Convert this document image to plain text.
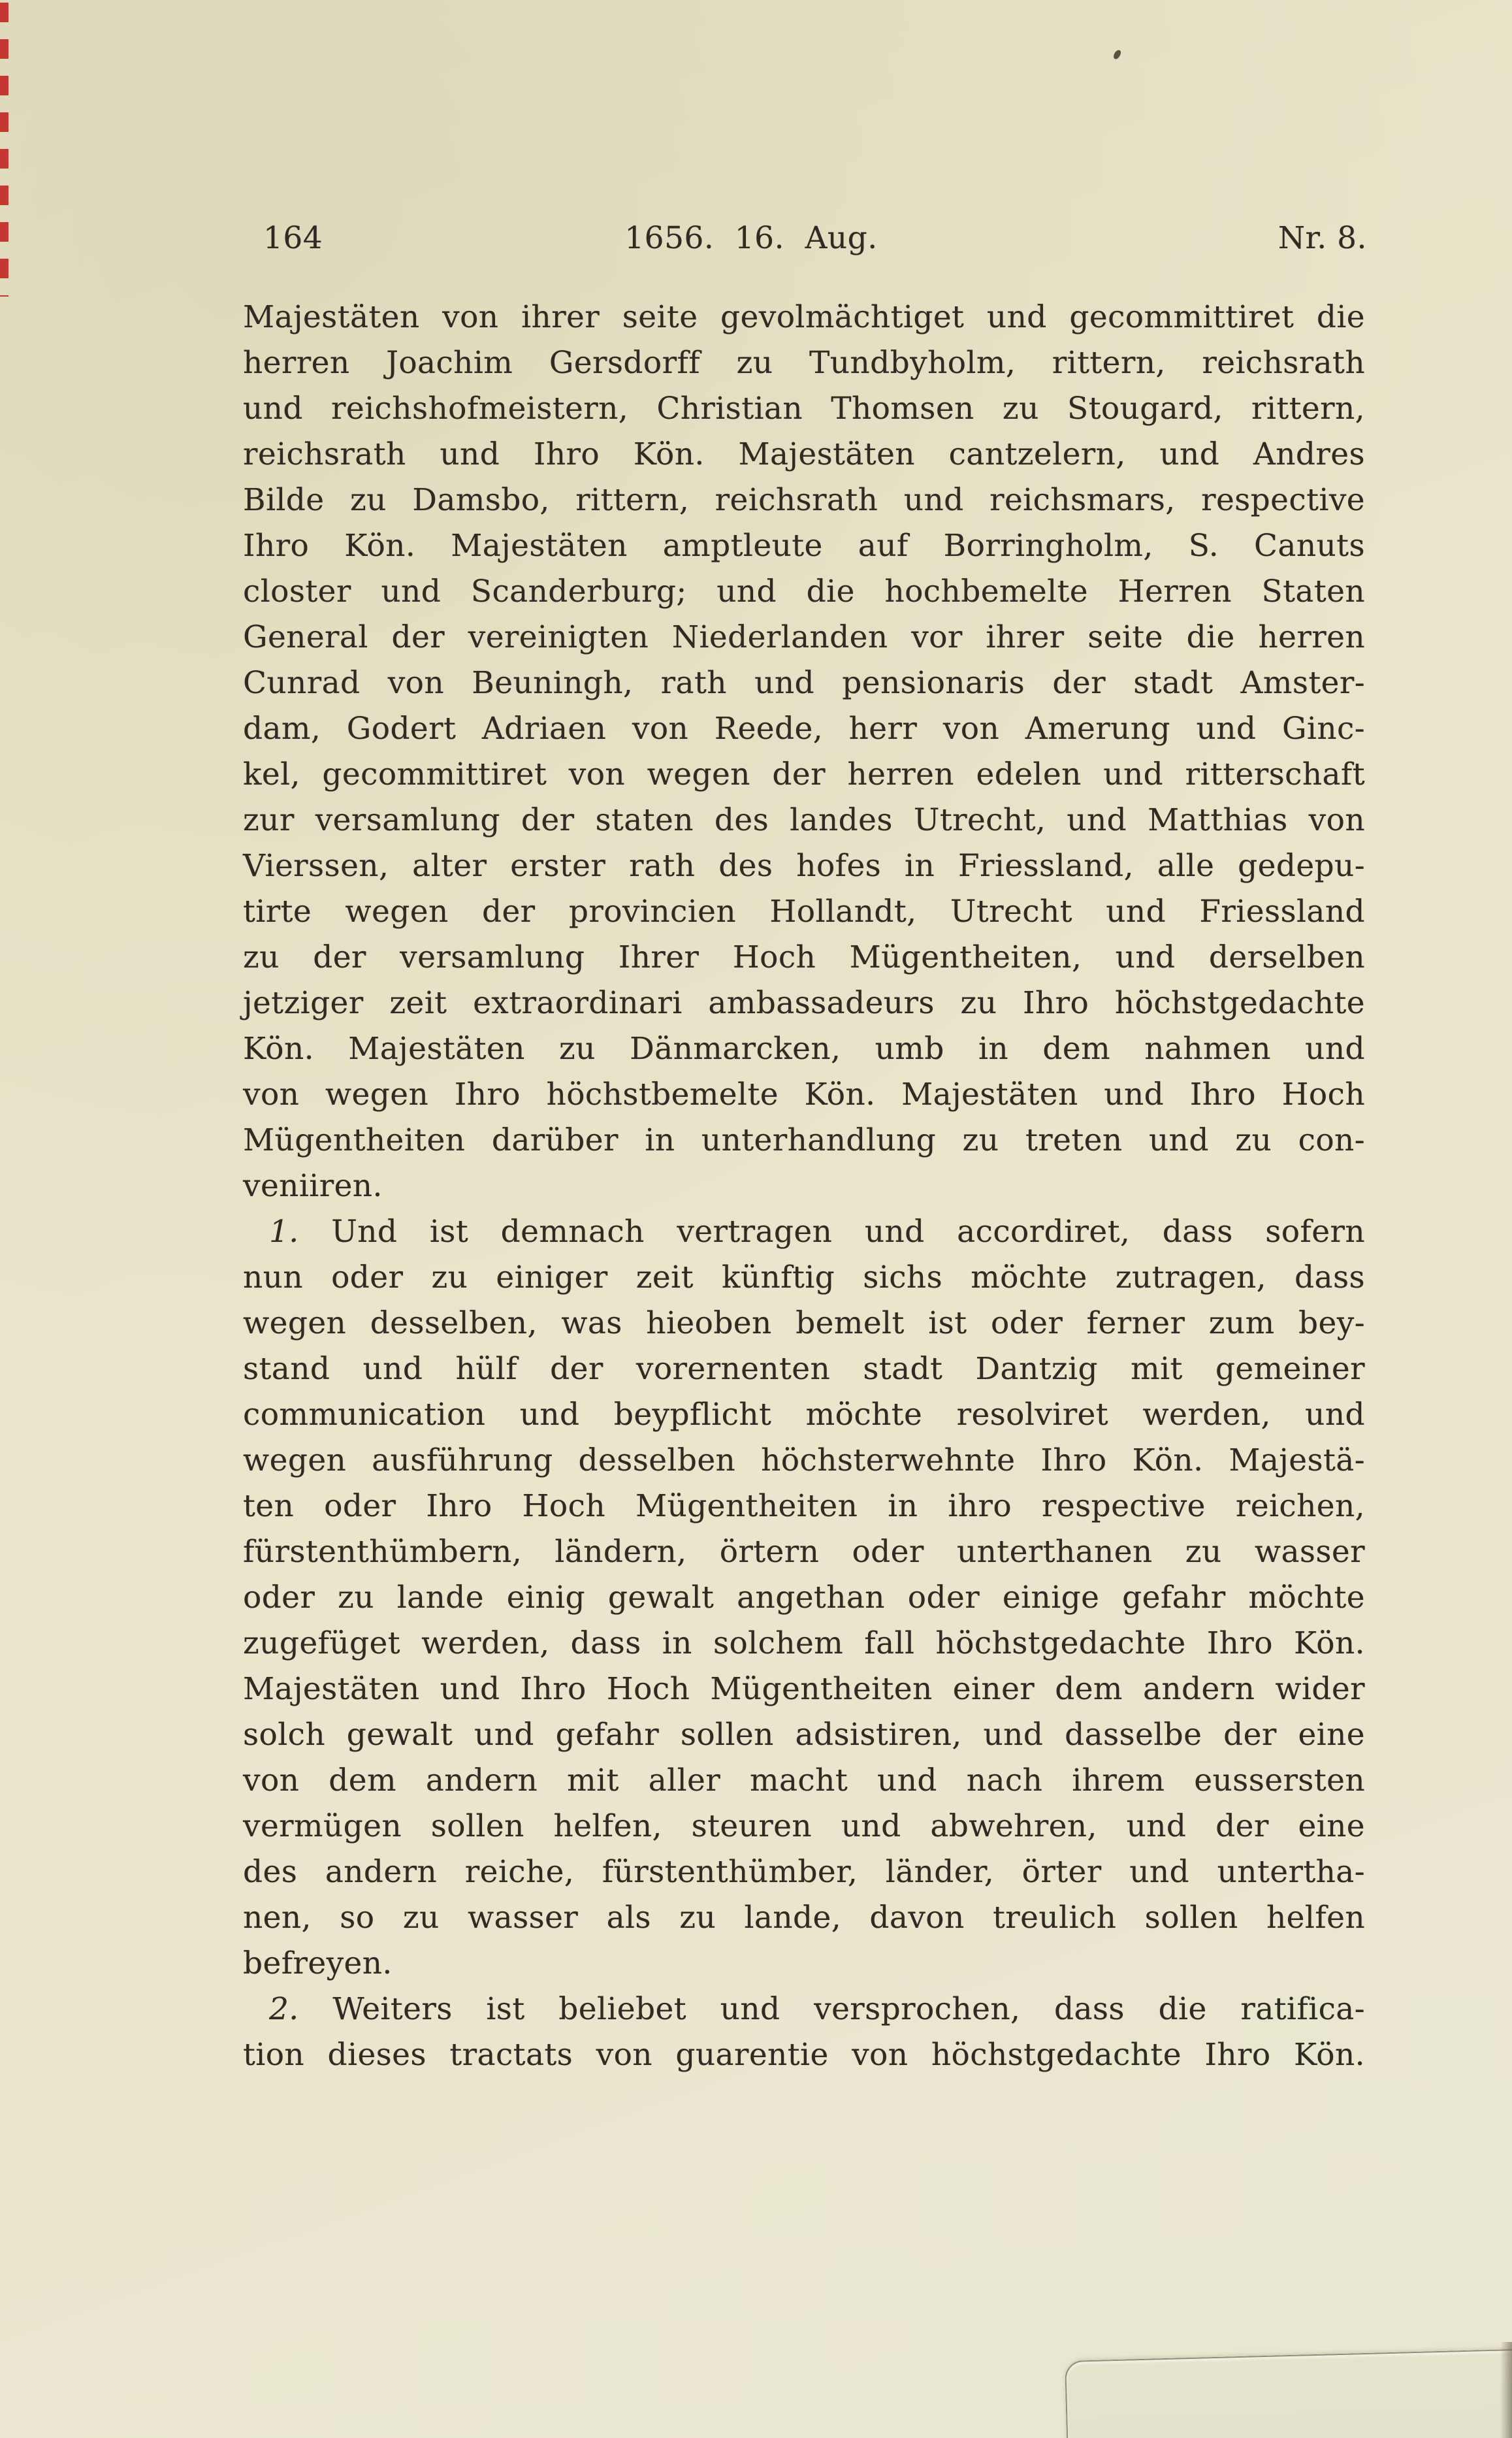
164	1656. 16. Aug.	Nr. 8.
Majestäten von ihrer seite gevolmächtiget und gecommittiret die
herren Joachim Gersdorff zu Tundbyholm, rittern, reichsrath
und reichshofmeistern, Christian Thomsen zu Stougard, rittern,
reichsrath und Ihro Kön. Majestäten cantzelern, und Andres
Bilde zu Damsbo, rittern, reichsrath und reichsmars, respective
Ihro Kön. Majestäten amptleute auf Borringholm, S. Canuts
closter und Scanderburg; und die hochbemelte Herren Staten
General der vereinigten Niederlanden vor ihrer seite die herren
Cunrad von Beuningh, rath und pensionaris der stadt Amster-
dam, Godert Adriaen von Reede, herr von Amerung und Ginc-
kel, gecommittiret von wegen der herren edelen und ritterschaft
zur versamlung der staten des landes Utrecht, und Matthias von
Vierssen, alter erster rath des hofes in Friessland, alle gedepu-
tirte wegen der provincien Hollandt, Utrecht und Friessland
zu der versamlung Ihrer Hoch Mügentheiten, und derselben
jetziger zeit extraordinari ambassadeurs zu Ihro höchstgedachte
Kön. Majestäten zu Dänmarcken, umb in dem nahmen und
von wegen Ihro höchstbemelte Kön. Majestäten und Ihro Hoch
Mügentheiten darüber in unterhandlung zu treten und zu con-
veniiren.
1. Und ist demnach vertragen und accordiret, dass sofern
nun oder zu einiger zeit künftig sichs möchte zutragen, dass
wegen desselben, was hieoben bemelt ist oder ferner zum bey-
stand und hülf der vorernenten stadt Dantzig mit gemeiner
communication und beypflicht möchte resolviret werden, und
wegen ausführung desselben höchsterwehnte Ihro Kön. Majestä-
ten oder Ihro Hoch Mügentheiten in ihro respective reichen,
fürstenthümbern, ländern, örtern oder unterthanen zu wasser
oder zu lande einig gewalt angethan oder einige gefahr möchte
zugefüget werden, dass in solchem fall höchstgedachte Ihro Kön.
Majestäten und Ihro Hoch Mügentheiten einer dem andern wider
solch gewalt und gefahr sollen adsistiren, und dasselbe der eine
von dem andern mit aller macht und nach ihrem eussersten
vermügen sollen helfen, steuren und abwehren, und der eine
des andern reiche, fürstenthümber, länder, örter und untertha-
nen, so zu wasser als zu lande, davon treulich sollen helfen
befreyen.
2. Weiters ist beliebet und versprochen, dass die ratifica-
tion dieses tractats von guarentie von höchstgedachte Ihro Kön.
